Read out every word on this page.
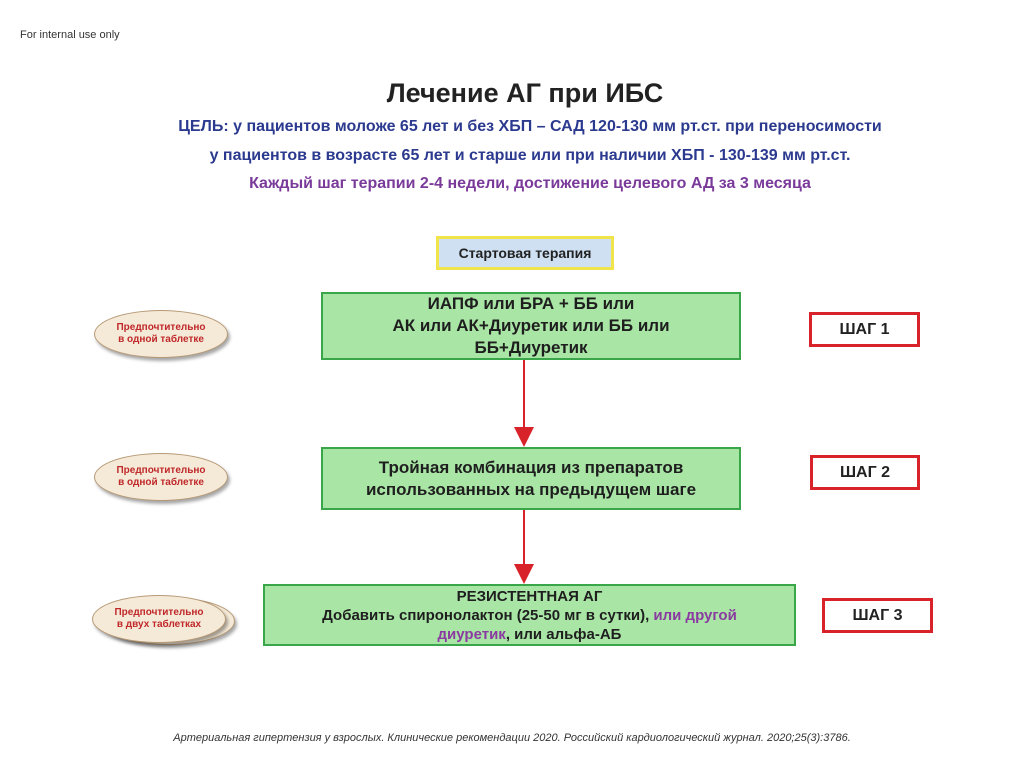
For internal use only
Лечение АГ при ИБС
ЦЕЛЬ: у пациентов моложе 65 лет и без ХБП – САД 120-130 мм рт.ст. при переносимости
у пациентов в возрасте 65 лет и старше или при наличии ХБП - 130-139 мм рт.ст.
Каждый шаг терапии 2-4 недели, достижение целевого АД за 3 месяца
Стартовая терапия
Предпочтительно в одной таблетке
ИАПФ или БРА + ББ или
АК или АК+Диуретик или ББ или
ББ+Диуретик
ШАГ 1
Предпочтительно в одной таблетке
Тройная комбинация из препаратов
использованных на предыдущем шаге
ШАГ 2
Предпочтительно в двух таблетках
РЕЗИСТЕНТНАЯ АГ
Добавить спиронолактон (25-50 мг в сутки), или другой
диуретик, или альфа-АБ
ШАГ 3
Артериальная гипертензия у взрослых. Клинические рекомендации 2020. Российский кардиологический журнал. 2020;25(3):3786.
